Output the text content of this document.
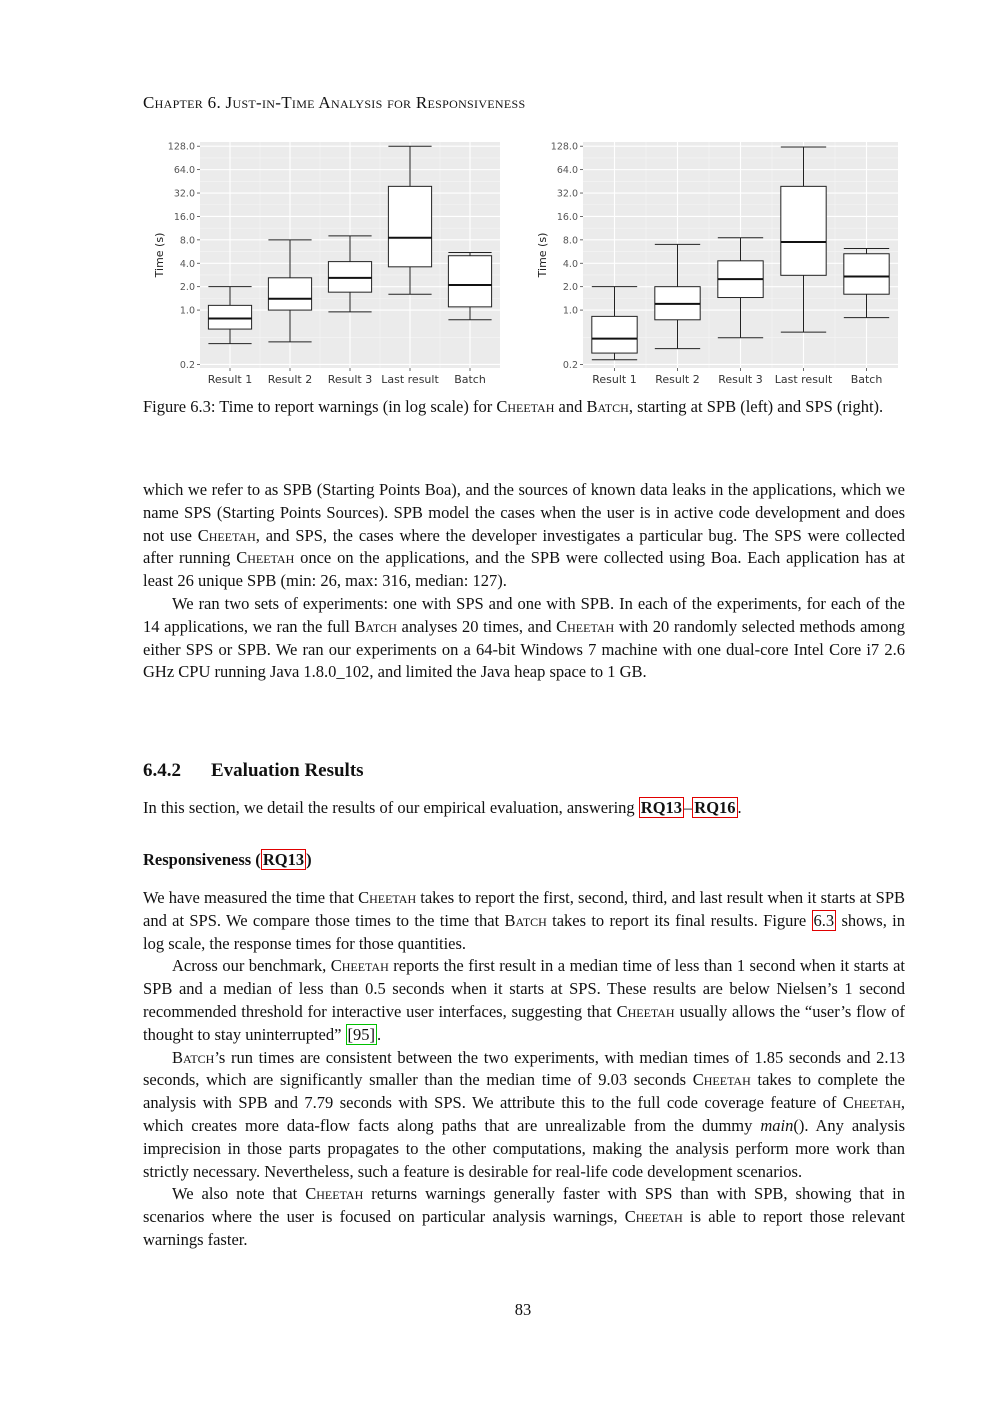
Chapter 6. Just-in-Time Analysis for Responsiveness
0.2
1.0
2.0
4.0
8.0
16.0
32.0
64.0
128.0
Result 1 Result 2 Result 3 Last result Batch
Time (s)
0.2
1.0
2.0
4.0
8.0
16.0
32.0
64.0
128.0
Result 1 Result 2 Result 3 Last result Batch
Time (s)
Figure 6.3: Time to report warnings (in log scale) for Cheetah and Batch, starting at SPB (left) and SPS (right).

which we refer to as SPB (Starting Points Boa), and the sources of known data leaks in the applications, which we name SPS (Starting Points Sources). SPB model the cases when the user is in active code development and does not use Cheetah, and SPS, the cases where the developer investigates a particular bug. The SPS were collected after running Cheetah once on the applications, and the SPB were collected using Boa. Each application has at least 26 unique SPB (min: 26, max: 316, median: 127).

We ran two sets of experiments: one with SPS and one with SPB. In each of the experiments, for each of the 14 applications, we ran the full Batch analyses 20 times, and Cheetah with 20 randomly selected methods among either SPS or SPB. We ran our experiments on a 64-bit Windows 7 machine with one dual-core Intel Core i7 2.6 GHz CPU running Java 1.8.0_102, and limited the Java heap space to 1 GB.

6.4.2 Evaluation Results

In this section, we detail the results of our empirical evaluation, answering RQ13 – RQ16 .

Responsiveness ( RQ13 )

We have measured the time that Cheetah takes to report the first, second, third, and last result when it starts at SPB and at SPS. We compare those times to the time that Batch takes to report its final results. Figure 6.3 shows, in log scale, the response times for those quantities.

Across our benchmark, Cheetah reports the first result in a median time of less than 1 second when it starts at SPB and a median of less than 0.5 seconds when it starts at SPS. These results are below Nielsen’s 1 second recommended threshold for interactive user interfaces, suggesting that Cheetah usually allows the “user’s flow of thought to stay uninterrupted” [95] .

Batch’s run times are consistent between the two experiments, with median times of 1.85 seconds and 2.13 seconds, which are significantly smaller than the median time of 9.03 seconds Cheetah takes to complete the analysis with SPB and 7.79 seconds with SPS. We attribute this to the full code coverage feature of Cheetah, which creates more data-flow facts along paths that are unrealizable from the dummy main(). Any analysis imprecision in those parts propagates to the other computations, making the analysis perform more work than strictly necessary. Nevertheless, such a feature is desirable for real-life code development scenarios.

We also note that Cheetah returns warnings generally faster with SPS than with SPB, showing that in scenarios where the user is focused on particular analysis warnings, Cheetah is able to report those relevant warnings faster.

83
